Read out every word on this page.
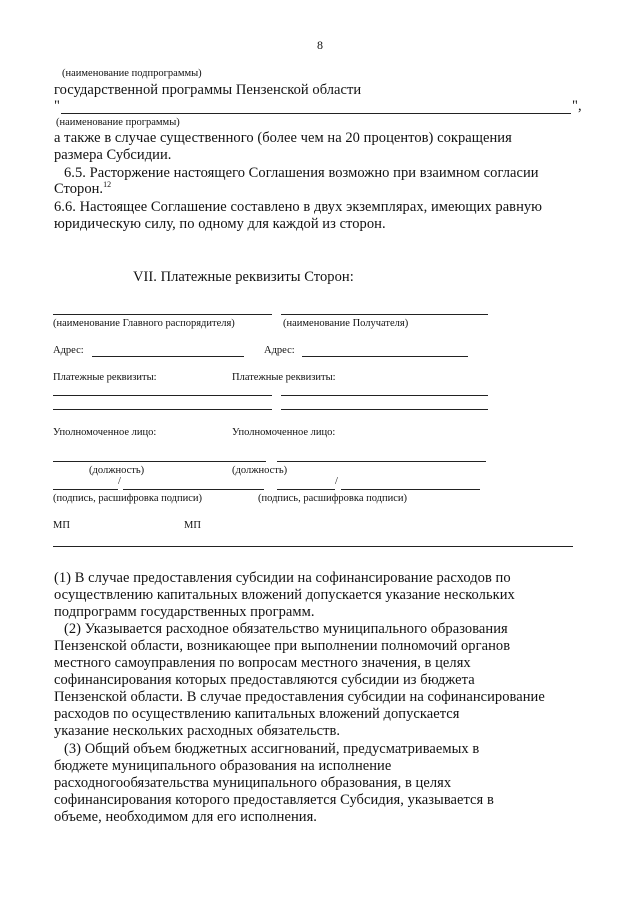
8
(наименование подпрограммы)
государственной программы Пензенской области
"	",
(наименование программы)
а также в случае существенного (более чем на 20 процентов) сокращения
размера Субсидии.
6.5. Расторжение настоящего Соглашения возможно при взаимном согласии
Сторон.$^{12}$
6.6. Настоящее Соглашение составлено в двух экземплярах, имеющих равную
юридическую силу, по одному для каждой из сторон.
VII. Платежные реквизиты Сторон:
(наименование Главного распорядителя)	(наименование Получателя)
Адрес:	Адрес:
Платежные реквизиты:	Платежные реквизиты:
Уполномоченное лицо:	Уполномоченное лицо:
(должность)	(должность)
/	/
(подпись, расшифровка подписи)	(подпись, расшифровка подписи)
МП	МП
(1) В случае предоставления субсидии на софинансирование расходов по
осуществлению капитальных вложений допускается указание нескольких
подпрограмм государственных программ.
(2) Указывается расходное обязательство муниципального образования
Пензенской области, возникающее при выполнении полномочий органов
местного самоуправления по вопросам местного значения, в целях
софинансирования которых предоставляются субсидии из бюджета
Пензенской области. В случае предоставления субсидии на софинансирование
расходов по осуществлению капитальных вложений допускается
указание нескольких расходных обязательств.
(3) Общий объем бюджетных ассигнований, предусматриваемых в
бюджете муниципального образования на исполнение
расходногообязательства муниципального образования, в целях
софинансирования которого предоставляется Субсидия, указывается в
объеме, необходимом для его исполнения.
